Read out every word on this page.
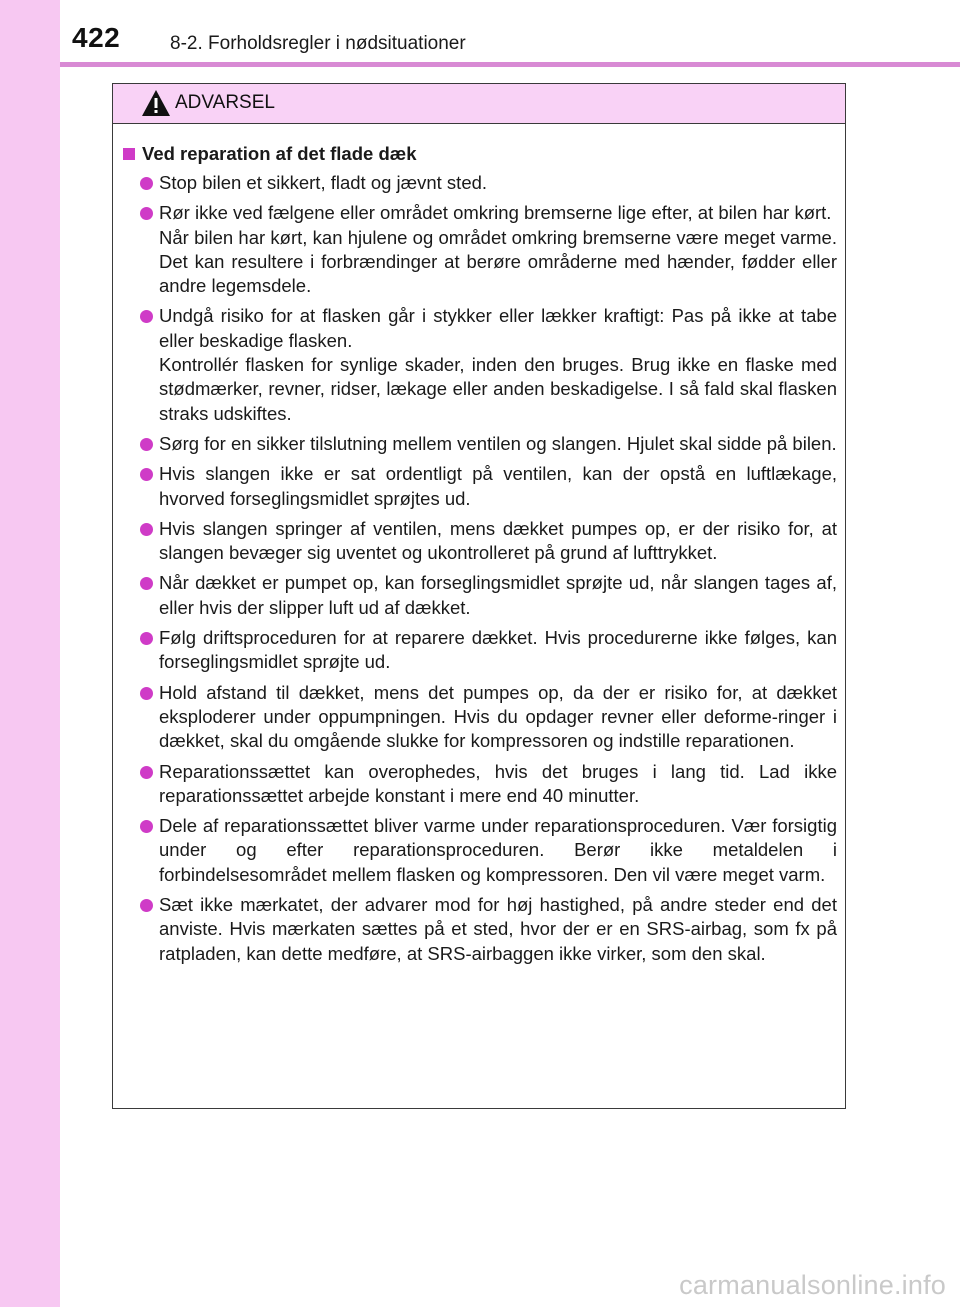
422	8-2. Forholdsregler i nødsituationer
ADVARSEL
Ved reparation af det flade dæk

Stop bilen et sikkert, fladt og jævnt sted.

Rør ikke ved fælgene eller området omkring bremserne lige efter, at bilen har kørt.

Når bilen har kørt, kan hjulene og området omkring bremserne være meget varme. Det kan resultere i forbrændinger at berøre områderne med hænder, fødder eller andre legemsdele.

Undgå risiko for at flasken går i stykker eller lækker kraftigt: Pas på ikke at tabe eller beskadige flasken.

Kontrollér flasken for synlige skader, inden den bruges. Brug ikke en flaske med stødmærker, revner, ridser, lækage eller anden beskadigelse. I så fald skal flasken straks udskiftes.

Sørg for en sikker tilslutning mellem ventilen og slangen. Hjulet skal sidde på bilen.

Hvis slangen ikke er sat ordentligt på ventilen, kan der opstå en luftlækage, hvorved forseglingsmidlet sprøjtes ud.

Hvis slangen springer af ventilen, mens dækket pumpes op, er der risiko for, at slangen bevæger sig uventet og ukontrolleret på grund af lufttrykket.

Når dækket er pumpet op, kan forseglingsmidlet sprøjte ud, når slangen tages af, eller hvis der slipper luft ud af dækket.

Følg driftsproceduren for at reparere dækket. Hvis procedurerne ikke følges, kan forseglingsmidlet sprøjte ud.

Hold afstand til dækket, mens det pumpes op, da der er risiko for, at dækket eksploderer under oppumpningen. Hvis du opdager revner eller deforme-ringer i dækket, skal du omgående slukke for kompressoren og indstille reparationen.

Reparationssættet kan overophedes, hvis det bruges i lang tid. Lad ikke reparationssættet arbejde konstant i mere end 40 minutter.

Dele af reparationssættet bliver varme under reparationsproceduren. Vær forsigtig under og efter reparationsproceduren. Berør ikke metaldelen i forbindelsesområdet mellem flasken og kompressoren. Den vil være meget varm.

Sæt ikke mærkatet, der advarer mod for høj hastighed, på andre steder end det anviste. Hvis mærkaten sættes på et sted, hvor der er en SRS-airbag, som fx på ratpladen, kan dette medføre, at SRS-airbaggen ikke virker, som den skal.

carmanualsonline.info
